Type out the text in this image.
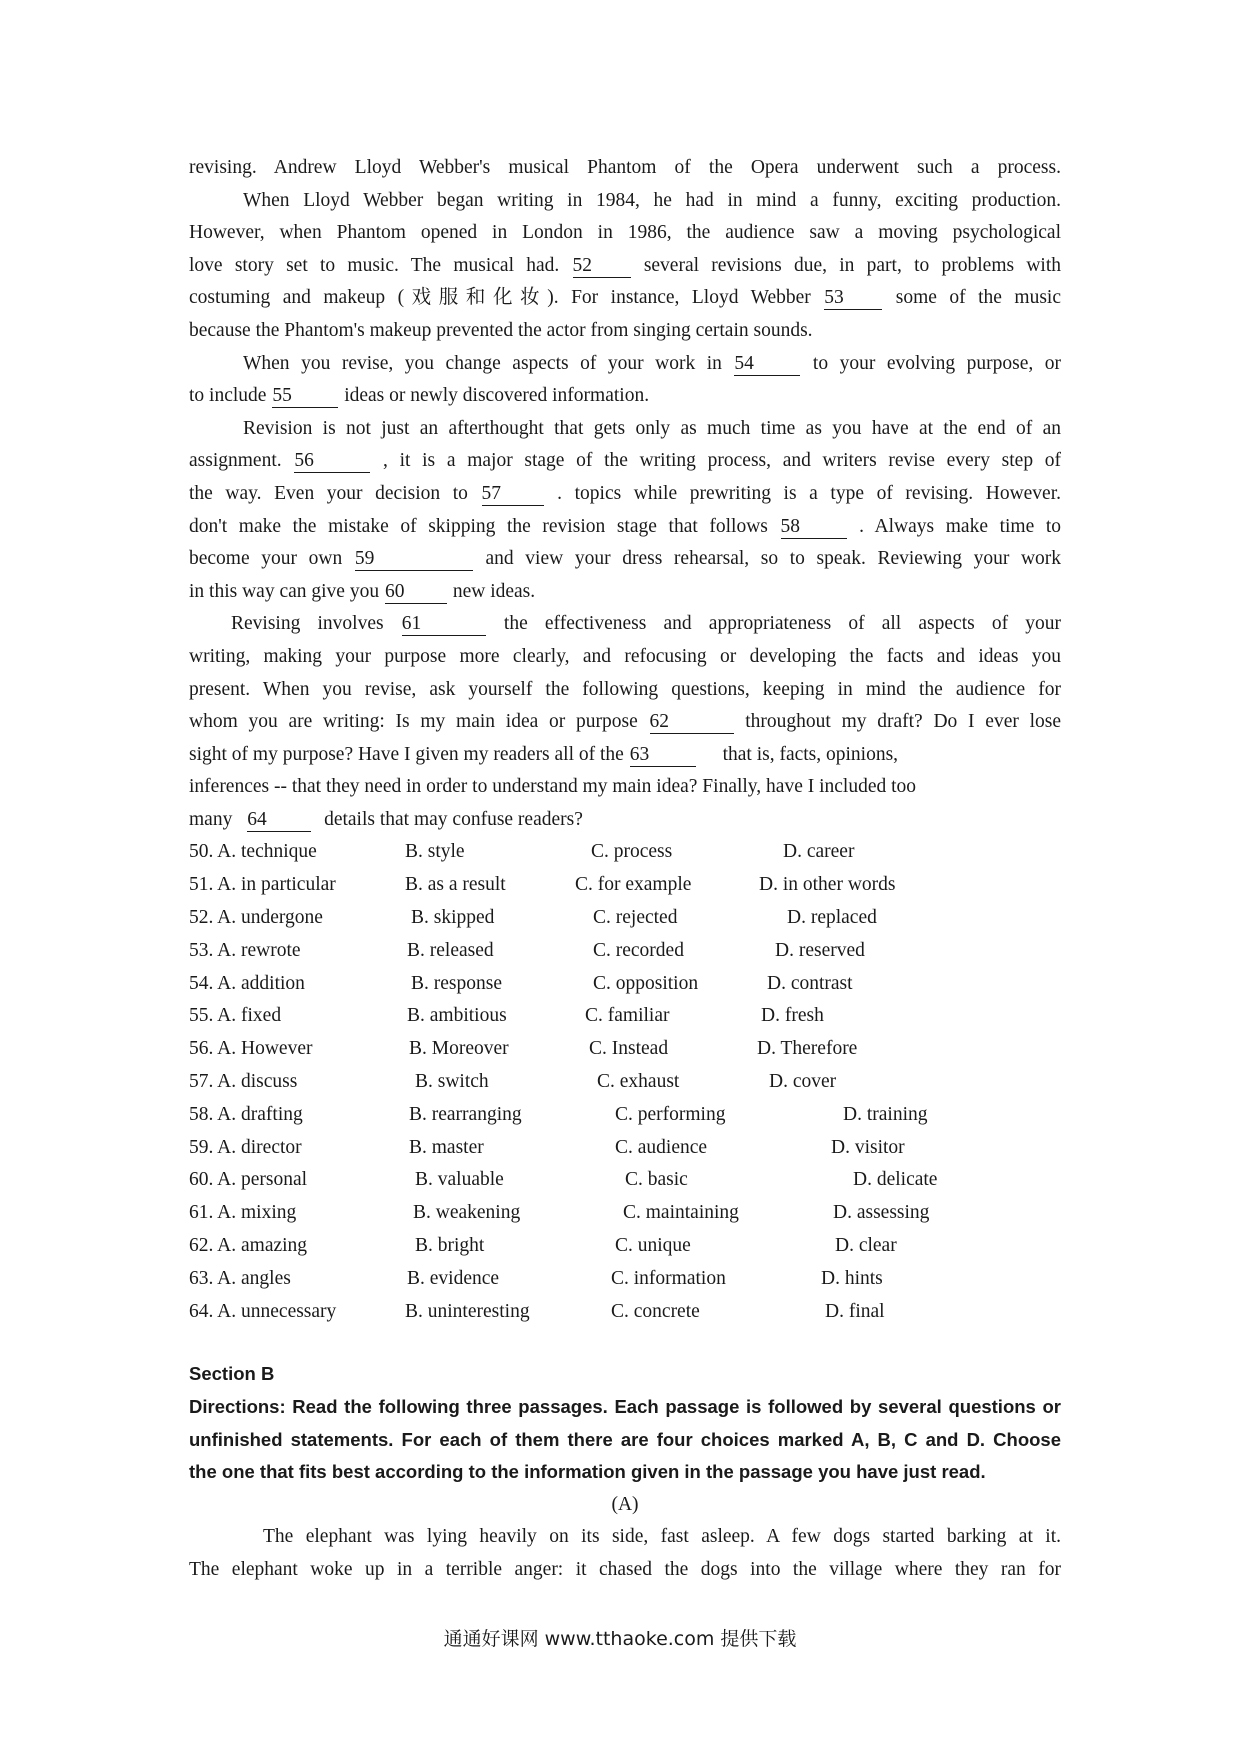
revising. Andrew Lloyd Webber's musical Phantom of the Opera underwent such a process.
When Lloyd Webber began writing in 1984, he had in mind a funny, exciting production.
However, when Phantom opened in London in 1986, the audience saw a moving psychological
love story set to music. The musical had. 52	several revisions due, in part, to problems with
costuming and makeup (戏服和化妆). For instance, Lloyd Webber 53	some of the music
because the Phantom's makeup prevented the actor from singing certain sounds.
When you revise, you change aspects of your work in 54	to your evolving purpose, or
to include 55	ideas or newly discovered information.
Revision is not just an afterthought that gets only as much time as you have at the end of an
assignment. 56	, it is a major stage of the writing process, and writers revise every step of
the way. Even your decision to 57	. topics while prewriting is a type of revising. However.
don't make the mistake of skipping the revision stage that follows 58	. Always make time to
become your own 59	and view your dress rehearsal, so to speak. Reviewing your work
in this way can give you 60 new ideas.
Revising involves 61	the effectiveness and appropriateness of all aspects of your
writing, making your purpose more clearly, and refocusing or developing the facts and ideas you
present. When you revise, ask yourself the following questions, keeping in mind the audience for
whom you are writing: Is my main idea or purpose 62	throughout my draft? Do I ever lose
sight of my purpose? Have I given my readers all of the 63	that is, facts, opinions,
inferences -- that they need in order to understand my main idea? Finally, have I included too
many 64	details that may confuse readers?
50. A. technique	B. style	C. process	D. career
51. A. in particular	B. as a result	C. for example	D. in other words
52. A. undergone	B. skipped	C. rejected	D. replaced
53. A. rewrote	B. released	C. recorded	D. reserved
54. A. addition	B. response	C. opposition	D. contrast
55. A. fixed	B. ambitious	C. familiar	D. fresh
56. A. However	B. Moreover	C. Instead	D. Therefore
57. A. discuss	B. switch	C. exhaust	D. cover
58. A. drafting	B. rearranging	C. performing	D. training
59. A. director	B. master	C. audience	D. visitor
60. A. personal	B. valuable	C. basic	D. delicate
61. A. mixing	B. weakening	C. maintaining	D. assessing
62. A. amazing	B. bright	C. unique	D. clear
63. A. angles	B. evidence	C. information	D. hints
64. A. unnecessary	B. uninteresting	C. concrete	D. final
Section B
Directions: Read the following three passages. Each passage is followed by several questions or
unfinished statements. For each of them there are four choices marked A, B, C and D. Choose
the one that fits best according to the information given in the passage you have just read.
(A)
The elephant was lying heavily on its side, fast asleep. A few dogs started barking at it.
The elephant woke up in a terrible anger: it chased the dogs into the village where they ran for
通通好课网 www.tthaoke.com 提供下载
